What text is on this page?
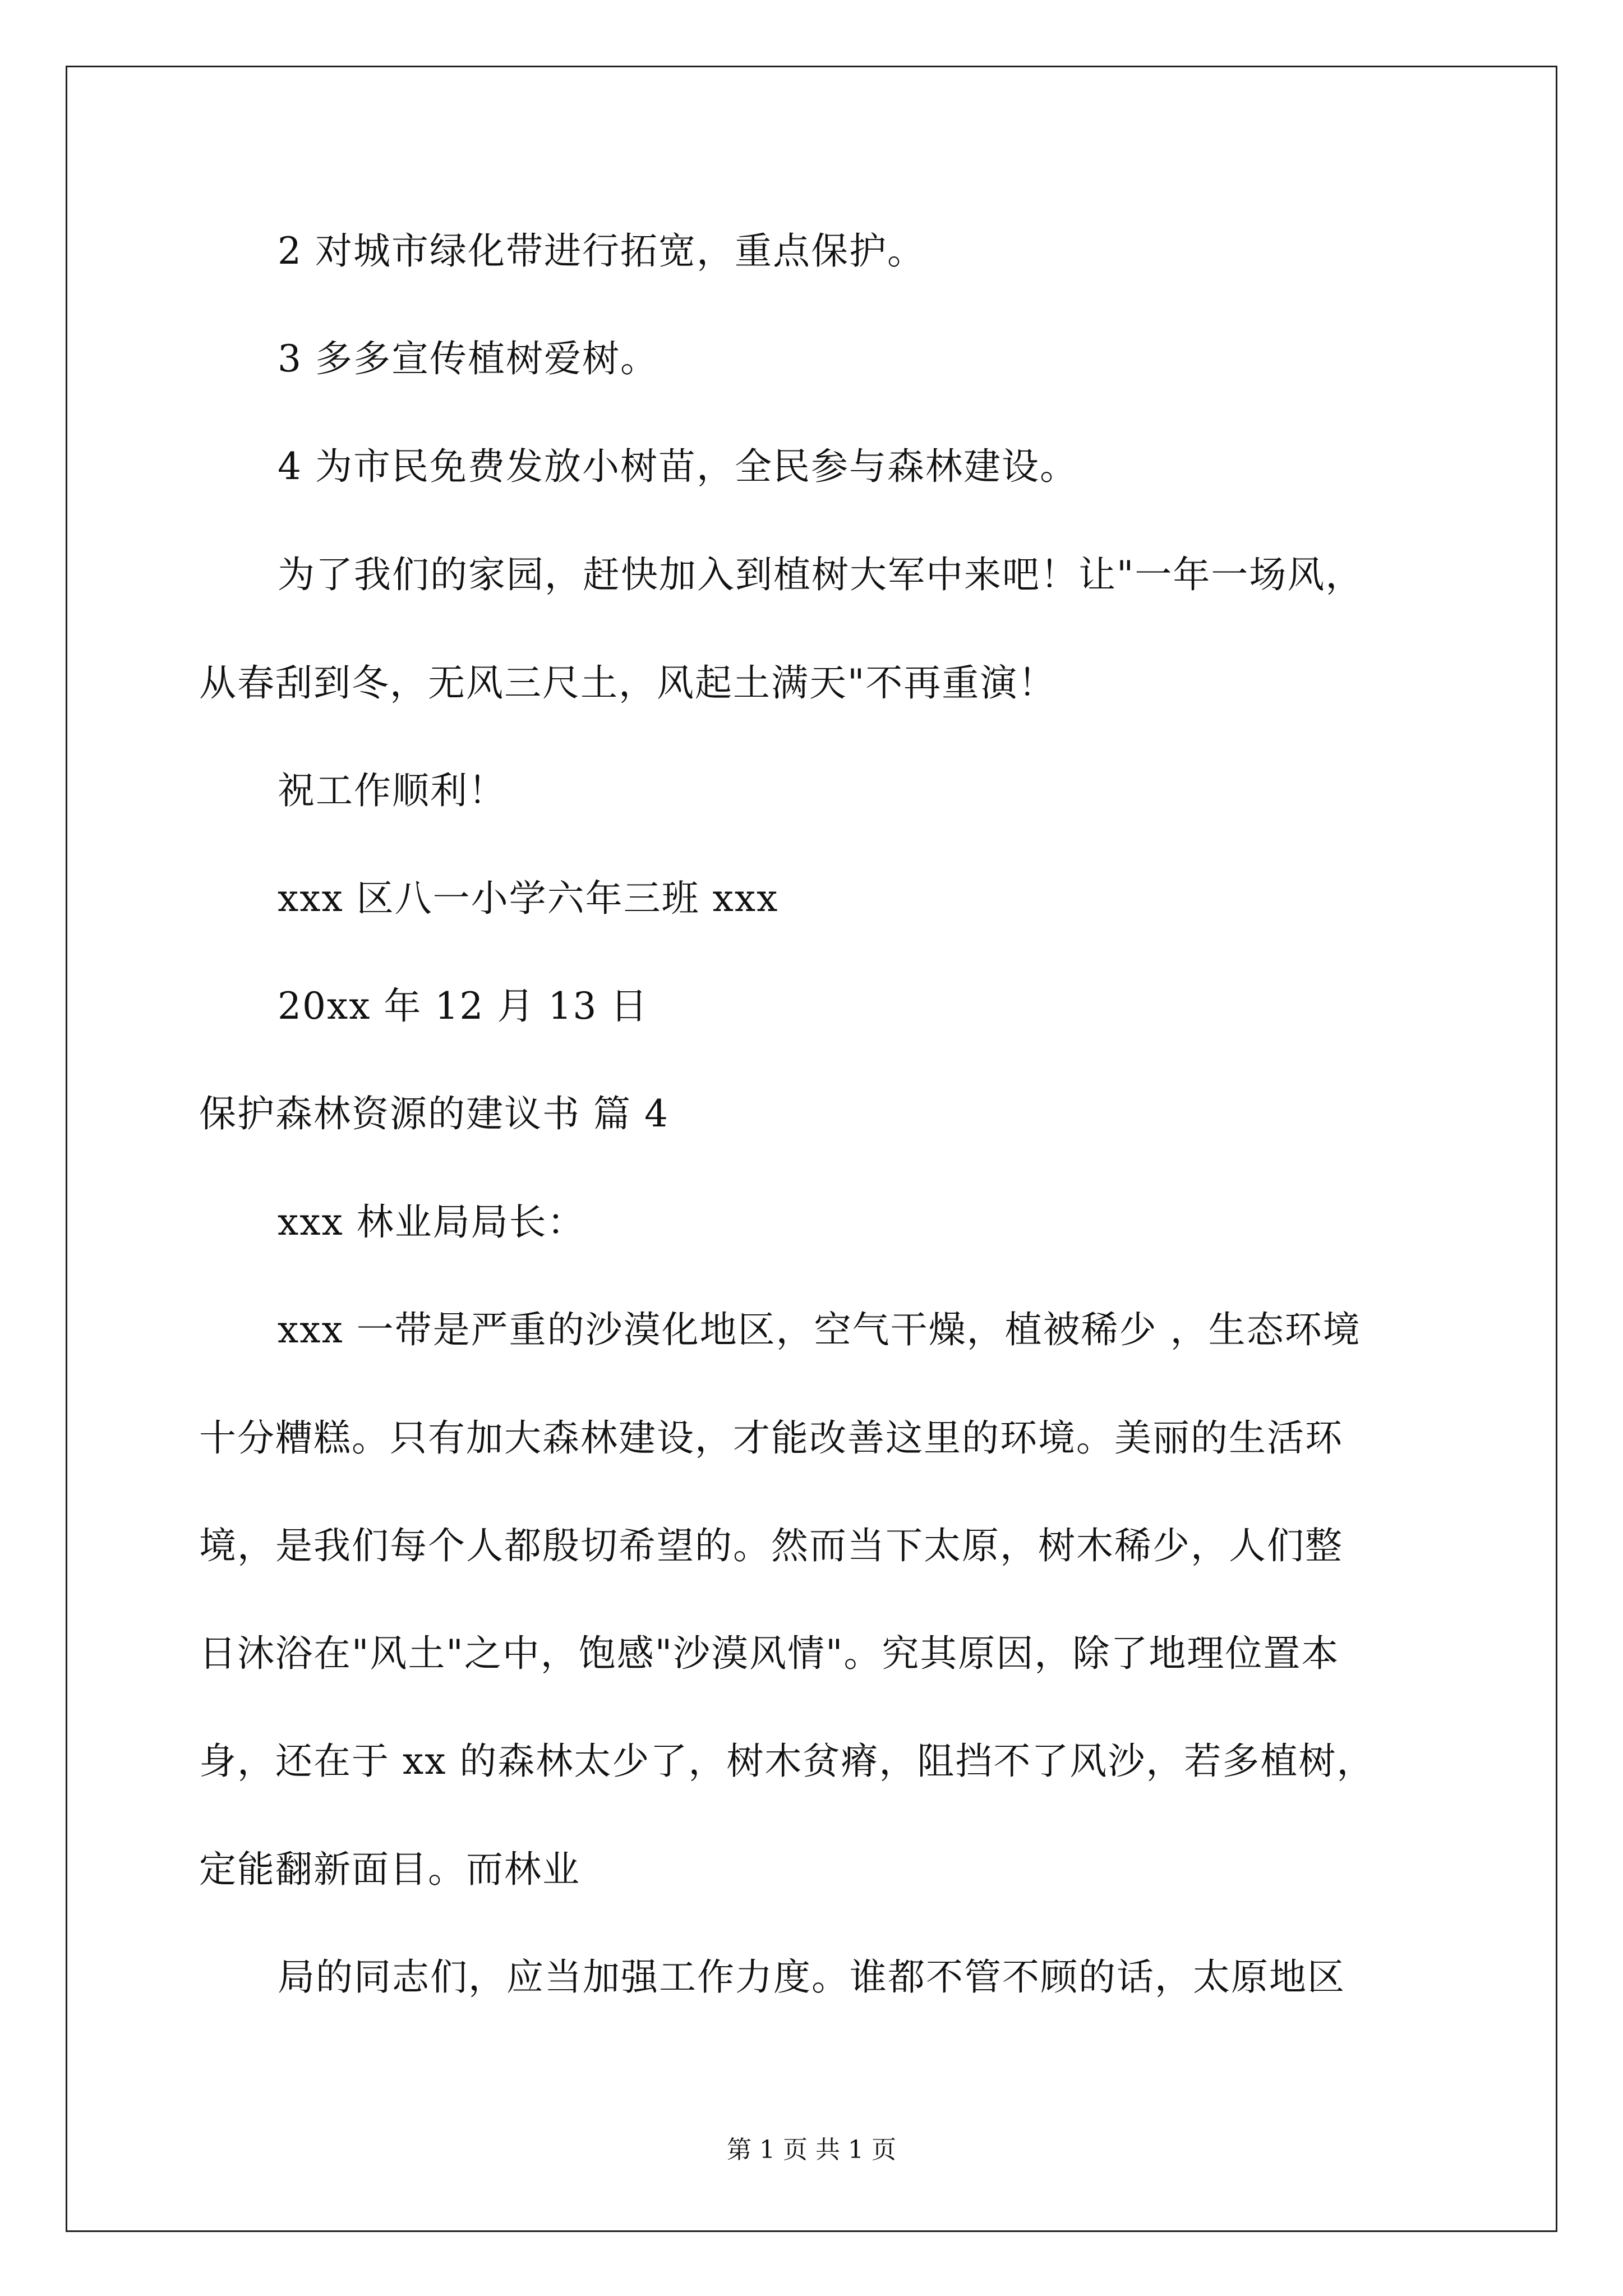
2 对城市绿化带进行拓宽，重点保护。
3 多多宣传植树爱树。
4 为市民免费发放小树苗，全民参与森林建设。
为了我们的家园，赶快加入到植树大军中来吧！让"一年一场风，
从春刮到冬，无风三尺土，风起土满天"不再重演！
祝工作顺利！
xxx 区八一小学六年三班 xxx
20xx 年 12 月 13 日
保护森林资源的建议书 篇 4
xxx 林业局局长：
xxx 一带是严重的沙漠化地区，空气干燥，植被稀少 ，生态环境
十分糟糕。只有加大森林建设，才能改善这里的环境。美丽的生活环
境，是我们每个人都殷切希望的。然而当下太原，树木稀少，人们整
日沐浴在"风土"之中，饱感"沙漠风情"。究其原因，除了地理位置本
身，还在于 xx 的森林太少了，树木贫瘠，阻挡不了风沙，若多植树，
定能翻新面目。而林业
局的同志们，应当加强工作力度。谁都不管不顾的话，太原地区
第 1 页 共 1 页
